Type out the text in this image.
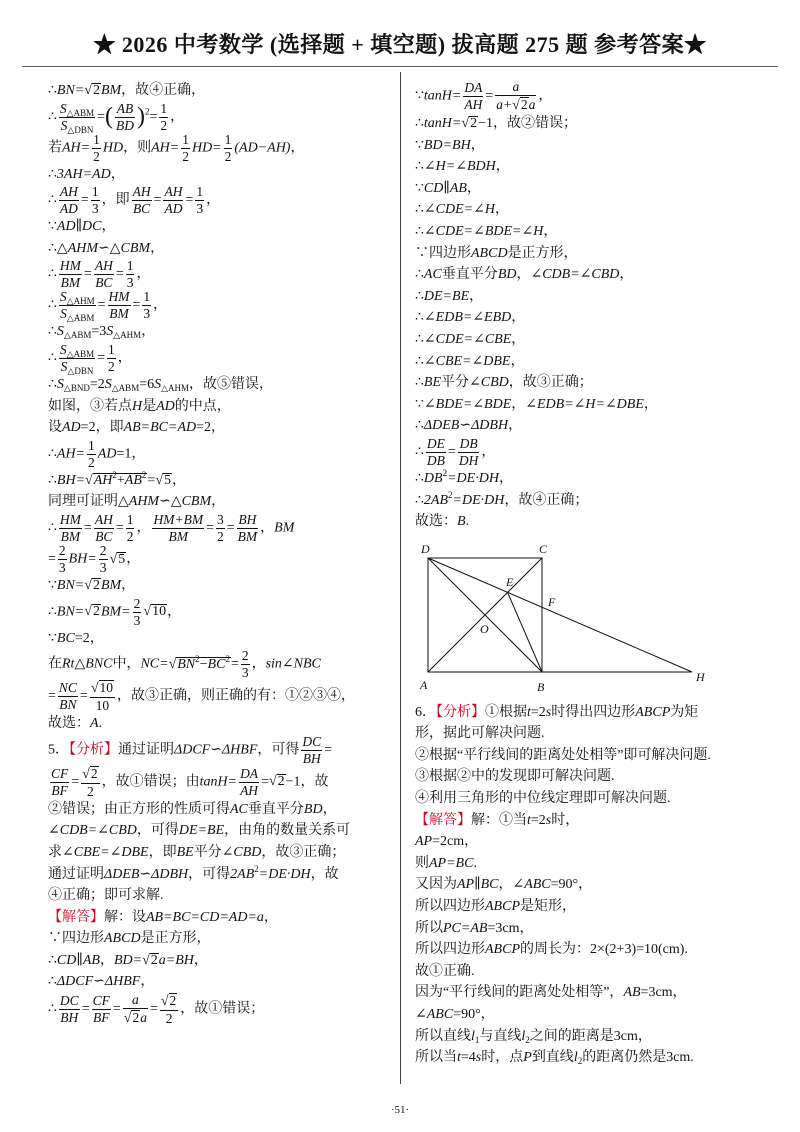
★ 2026 中考数学 (选择题 + 填空题) 拔高题 275 题 参考答案★
∴BN=√2BM，故④正确，
∴ $\frac{S_{\triangle ABM}}{S_{\triangle DBN}}$ =( $\frac{AB}{BD} )^2= \frac{1}{2}$ ，
若$AH= \frac{1}{2}$ HD，则$AH= \frac{1}{2} HD= \frac{1}{2} (AD-AH)$，
∴3AH=AD，
∴ $\frac{AH}{AD} = \frac{1}{3}$ ，即 $\frac{AH}{BC} = \frac{AH}{AD} = \frac{1}{3}$ ，
∵AD∥DC，
∴△AHM∽△CBM，
∴ $\frac{HM}{BM} = \frac{AH}{BC} = \frac{1}{3}$ ，
∴ $\frac{S_{\triangle AHM}}{S_{\triangle ABM}} = \frac{HM}{BM} = \frac{1}{3}$ ，
$\therefore S_{\triangle ABM}=3S_{\triangle AHM}$，
∴ $\frac{S_{\triangle ABM}}{S_{\triangle DBN}} = \frac{1}{2}$ ，
$\therefore S_{\triangle BND}=2S_{\triangle ABM}=6S_{\triangle AHM}$，故⑤错误，
如图，③若点H是AD的中点，
设AD=2，即AB=BC=AD=2，
∴AH= $\frac{1}{2} AD=1$，
$\therefore BH=√AH^2+AB^2=√5$，
同理可证明△AHM∽△CBM，
∴ $\frac{HM}{BM} = \frac{AH}{BC} = \frac{1}{2}$ ， $\frac{HM+BM}{BM} = \frac{3}{2} = \frac{BH}{BM}$ ，BM
= $\frac{2}{3} BH= \frac{2}{3} √5$，
∵BN=√2BM，
∴BN=√2BM= $\frac{2}{3} √10$，
∵BC=2，
在Rt△BNC中，$NC=√BN^2-BC^2= \frac{2}{3}$ ，sin∠NBC
= $\frac{NC}{BN} = \frac{√10}{10}$ ，故③正确，则正确的有：①②③④，
故选：A.
5．【分析】通过证明ΔDCF∽ΔHBF，可得 $\frac{DC}{BH}$ =
$\frac{CF}{BF} = \frac{√2}{2}$ ，故①错误；由$\tan H= \frac{DA}{AH} =√2-1$，故
②错误；由正方形的性质可得AC垂直平分BD，
∠CDB=∠CBD，可得DE=BE，由角的数量关系可
求∠CBE=∠DBE，即BE平分∠CBD，故③正确；
通过证明ΔDEB∽ΔDBH，可得$2AB^2=DE\cdot DH$，故
④正确；即可求解.
【解答】解：设AB=BC=CD=AD=a，
∵四边形ABCD是正方形，
∴CD∥AB，BD=√2a=BH，
∴ΔDCF∽ΔHBF，
∴ $\frac{DC}{BH} = \frac{CF}{BF} = \frac{a}{√2a} = \frac{√2}{2}$ ，故①错误；
∵tanH= $\frac{DA}{AH} = \frac{a}{a+√2a}$ ，
∴tanH=√2−1，故②错误；
∵BD=BH，
∴∠H=∠BDH，
∵CD∥AB，
∴∠CDE=∠H，
∴∠CDE=∠BDE=∠H，
∵四边形ABCD是正方形，
∴AC垂直平分BD，∠CDB=∠CBD，
∴DE=BE，
∴∠EDB=∠EBD，
∴∠CDE=∠CBE，
∴∠CBE=∠DBE，
∴BE平分∠CBD，故③正确；
∵∠BDE=∠BDE，∠EDB=∠H=∠DBE，
∴ΔDEB∽ΔDBH，
∴ $\frac{DE}{DB} = \frac{DB}{DH}$ ，
$\therefore DB^2=DE\cdot DH$，
$\therefore 2AB^2=DE\cdot DH$，故④正确；
故选：B.
D	C
E
F
O
A	B
H
6．【分析】①根据t=2s时得出四边形ABCP为矩
形，据此可解决问题.
②根据“平行线间的距离处处相等”即可解决问题.
③根据②中的发现即可解决问题.
④利用三角形的中位线定理即可解决问题.
【解答】解：①当t=2s时，
AP=2cm，
则AP=BC.
又因为AP∥BC，∠ABC=90°，
所以四边形ABCP是矩形，
所以PC=AB=3cm，
所以四边形ABCP的周长为：2×(2+3)=10(cm).
故①正确.
因为“平行线间的距离处处相等”，AB=3cm，
∠ABC=90°，
所以直线$l_1$与直线$l_2$之间的距离是3cm，
所以当t=4s时，点P到直线$l_2$的距离仍然是3cm.
·51·
